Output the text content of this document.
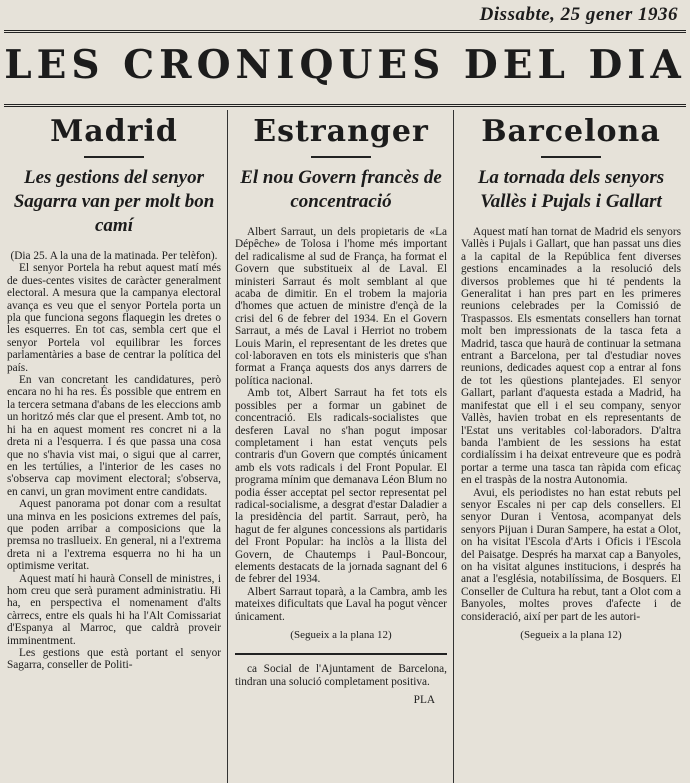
Dissabte, 25 gener 1936
LES CRONIQUES DEL DIA
Madrid
Les gestions del senyor Sagarra van per molt bon camí

(Dia 25. A la una de la matinada. Per telèfon).

El senyor Portela ha rebut aquest matí més de dues-centes visites de caràcter generalment electoral. A mesura que la campanya electoral avança es veu que el senyor Portela porta un pla que funciona segons flaquegin les dretes o les esquerres. En tot cas, sembla cert que el senyor Portela vol equilibrar les forces parlamentàries a base de centrar la política del país.

En van concretant les candidatures, però encara no hi ha res. És possible que entrem en la tercera setmana d'abans de les eleccions amb un horitzó més clar que el present. Amb tot, no hi ha en aquest moment res concret ni a la dreta ni a l'esquerra. I és que passa una cosa que no s'havia vist mai, o sigui que al carrer, en les tertúlies, a l'interior de les cases no s'observa cap moviment electoral; s'observa, en canvi, un gran moviment entre candidats.

Aquest panorama pot donar com a resultat una minva en les posicions extremes del país, que poden arribar a composicions que la premsa no trasllueix. En general, ni a l'extrema dreta ni a l'extrema esquerra no hi ha un optimisme veritat.

Aquest matí hi haurà Consell de ministres, i hom creu que serà purament administratiu. Hi ha, en perspectiva el nomenament d'alts càrrecs, entre els quals hi ha l'Alt Comissariat d'Espanya al Marroc, que caldrà proveir imminentment.

Les gestions que està portant el senyor Sagarra, conseller de Politi-

Estranger
El nou Govern francès de concentració

Albert Sarraut, un dels propietaris de «La Dépêche» de Tolosa i l'home més important del radicalisme al sud de França, ha format el Govern que substitueix al de Laval. El ministeri Sarraut és molt semblant al que acaba de dimitir. En el trobem la majoria d'homes que actuen de ministre d'ençà de la crisi del 6 de febrer del 1934. En el Govern Sarraut, a més de Laval i Herriot no trobem Louis Marin, el representant de les dretes que col·laboraven en tots els ministeris que s'han format a França aquests dos anys darrers de política nacional.

Amb tot, Albert Sarraut ha fet tots els possibles per a formar un gabinet de concentració. Els radicals-socialistes que desferen Laval no s'han pogut imposar completament i han estat vençuts pels contraris d'un Govern que comptés únicament amb els vots radicals i del Front Popular. El programa mínim que demanava Léon Blum no podia ésser acceptat pel sector representat pel radical-socialisme, a desgrat d'estar Daladier a la presidència del partit. Sarraut, però, ha hagut de fer algunes concessions als partidaris del Front Popular: ha inclòs a la llista del Govern, de Chautemps i Paul-Boncour, elements destacats de la jornada sagnant del 6 de febrer del 1934.

Albert Sarraut toparà, a la Cambra, amb les mateixes dificultats que Laval ha pogut vèncer únicament.

(Segueix a la plana 12)

ca Social de l'Ajuntament de Barcelona, tindran una solució completament positiva.

PLA

Barcelona
La tornada dels senyors Vallès i Pujals i Gallart

Aquest matí han tornat de Madrid els senyors Vallès i Pujals i Gallart, que han passat uns dies a la capital de la República fent diverses gestions encaminades a la resolució dels diversos problemes que hi té pendents la Generalitat i han pres part en les primeres reunions celebrades per la Comissió de Traspassos. Els esmentats consellers han tornat molt ben impressionats de la tasca feta a Madrid, tasca que haurà de continuar la setmana entrant a Barcelona, per tal d'estudiar noves reunions, dedicades aquest cop a entrar al fons de tot les qüestions plantejades. El senyor Gallart, parlant d'aquesta estada a Madrid, ha manifestat que ell i el seu company, senyor Vallès, havien trobat en els representants de l'Estat uns veritables col·laboradors. D'altra banda l'ambient de les sessions ha estat cordialíssim i ha deixat entreveure que es podrà portar a terme una tasca tan ràpida com eficaç en el traspàs de la nostra Autonomia.

Avui, els periodistes no han estat rebuts pel senyor Escales ni per cap dels consellers. El senyor Duran i Ventosa, acompanyat dels senyors Pijuan i Duran Sampere, ha estat a Olot, on ha visitat l'Escola d'Arts i Oficis i l'Escola del Paisatge. Després ha marxat cap a Banyoles, on ha visitat algunes institucions, i després ha anat a l'església, notabilíssima, de Bosquers. El Conseller de Cultura ha rebut, tant a Olot com a Banyoles, moltes proves d'afecte i de consideració, així per part de les autori-

(Segueix a la plana 12)
